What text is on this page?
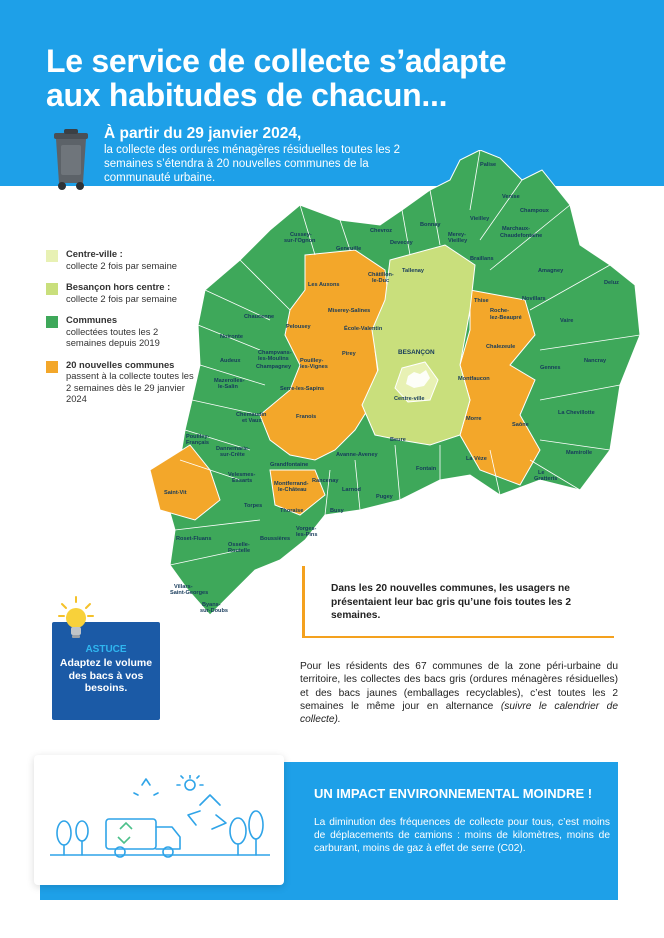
Le service de collecte s’adapte
aux habitudes de chacun...
À partir du 29 janvier 2024,
la collecte des ordures ménagères résiduelles toutes les 2 semaines s’étendra à 20 nouvelles communes de la communauté urbaine.
Centre-ville :
collecte 2 fois par semaine
Besançon hors centre :
collecte 2 fois par semaine
Communes
collectées toutes les 2 semaines depuis 2019
20 nouvelles communes
passent à la collecte toutes les 2 semaines dès le 29 janvier 2024
Palise
Venise
Champoux
Vieilley
Bonnay
Marchaux-
Chaudefontaine
Merey-
Vieilley
Cussey-
sur-l'Ognon
Chevroz
Devecey
Geneuille
Braillans
Tallenay	Amagney
Châtillon-
le-Duc
Les Auxons	Deluz
Thise	Novillars
Roche-
lez-Beaupré
Miserey-Salines
École-Valentin
Vaire
Chaucenne
Pelousey
Chalezeule
Noironte
Champvans-
les-Moulins
Pirey
Nancray
Audeux	Pouilley-
les-Vignes
BESANÇON
Champagney	Gennes
Mazerolles-
le-Salin	Serre-les-Sapins
Montfaucon
Centre-ville
La Chevillotte
Chemaudin
et Vaux
Franois	Morre
Saône
Pouilley-
Français	Beure
Mamirolle
Dannemarie-
sur-Crête
Grandfontaine
Avanne-Aveney
Fontain
La Vèze
Le
Gratteris
Velesmes-
Essarts	Rancenay
Montferrand-
le-Château	Larnod
Saint-Vit
Pugey
Torpes
Thoraise	Busy
Vorges-
les-Pins
Boussières
Roset-Fluans
Osselle-
Routelle
Villars-
Saint-Georges
Byans-
sur-Doubs

Dans les 20 nouvelles communes, les usagers ne présentaient leur bac gris qu’une fois toutes les 2 semaines.

ASTUCE
Adaptez le volume des bacs à vos besoins.

Pour les résidents des 67 communes de la zone péri-urbaine du territoire, les collectes des bacs gris (ordures ménagères résiduelles) et des bacs jaunes (emballages recyclables), c’est toutes les 2 semaines le même jour en alternance (suivre le calendrier de collecte).

UN IMPACT ENVIRONNEMENTAL MOINDRE !
La diminution des fréquences de collecte pour tous, c’est moins de déplacements de camions : moins de kilomètres, moins de carburant, moins de gaz à effet de serre (C02).
